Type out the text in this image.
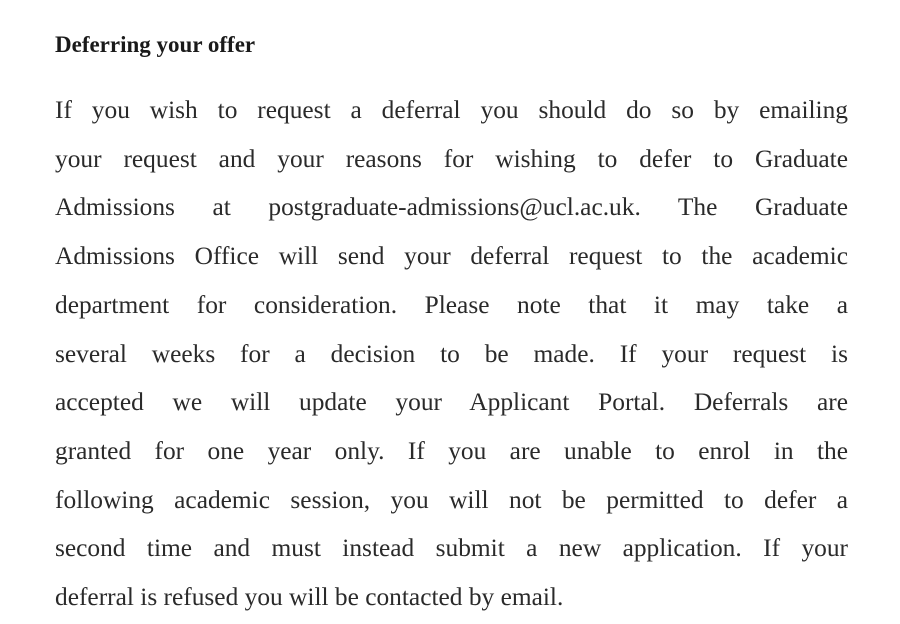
Deferring your offer

If you wish to request a deferral you should do so by emailing
your request and your reasons for wishing to defer to Graduate
Admissions at postgraduate-admissions@ucl.ac.uk. The Graduate
Admissions Office will send your deferral request to the academic
department for consideration. Please note that it may take a
several weeks for a decision to be made. If your request is
accepted we will update your Applicant Portal. Deferrals are
granted for one year only. If you are unable to enrol in the
following academic session, you will not be permitted to defer a
second time and must instead submit a new application. If your
deferral is refused you will be contacted by email.
